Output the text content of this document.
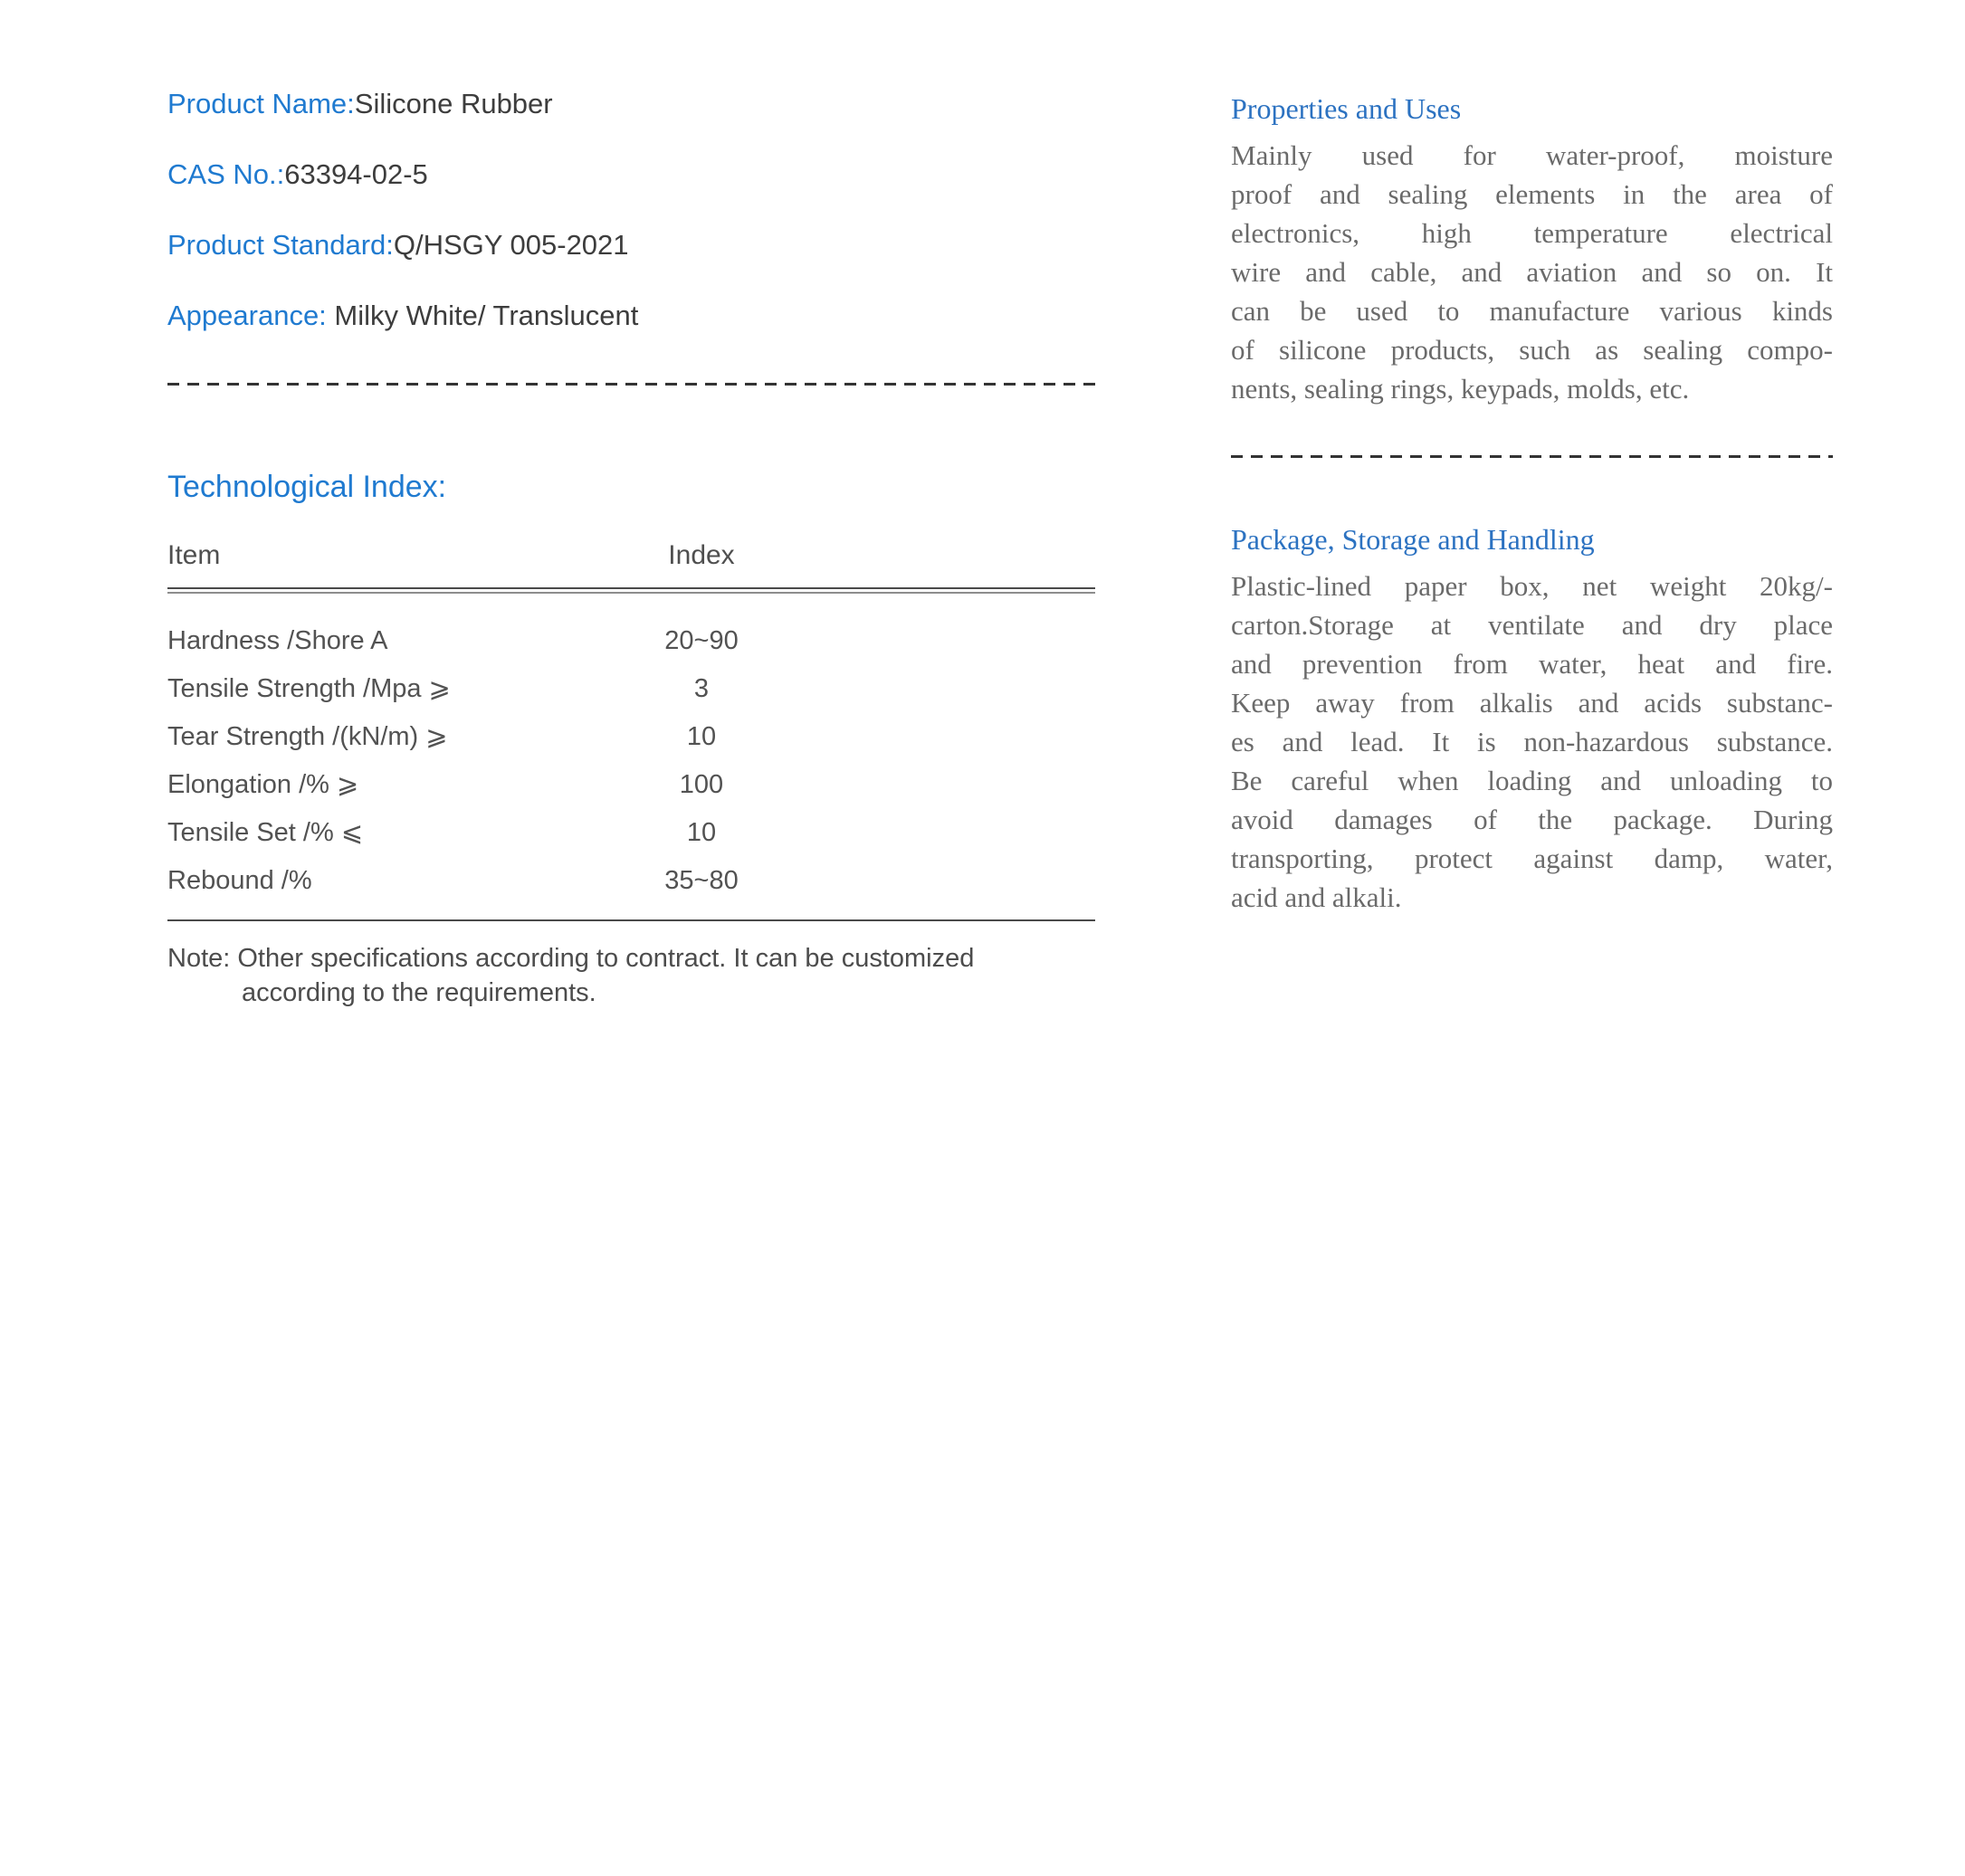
Product Name:Silicone Rubber
CAS No.:63394-02-5
Product Standard:Q/HSGY 005-2021
Appearance: Milky White/ Translucent
Technological Index:
Item	Index
Hardness /Shore A	20~90
Tensile Strength /Mpa ⩾	3
Tear Strength /(kN/m) ⩾	10
Elongation /% ⩾	100
Tensile Set /% ⩽	10
Rebound /%	35~80
Note: Other specifications according to contract. It can be customized
according to the requirements.
Properties and Uses
Mainly used for water-proof, moisture
proof and sealing elements in the area of
electronics, high temperature electrical
wire and cable, and aviation and so on. It
can be used to manufacture various kinds
of silicone products, such as sealing compo-
nents, sealing rings, keypads, molds, etc.
Package, Storage and Handling
Plastic-lined paper box, net weight 20kg/-
carton.Storage at ventilate and dry place
and prevention from water, heat and fire.
Keep away from alkalis and acids substanc-
es and lead. It is non-hazardous substance.
Be careful when loading and unloading to
avoid damages of the package. During
transporting, protect against damp, water,
acid and alkali.
